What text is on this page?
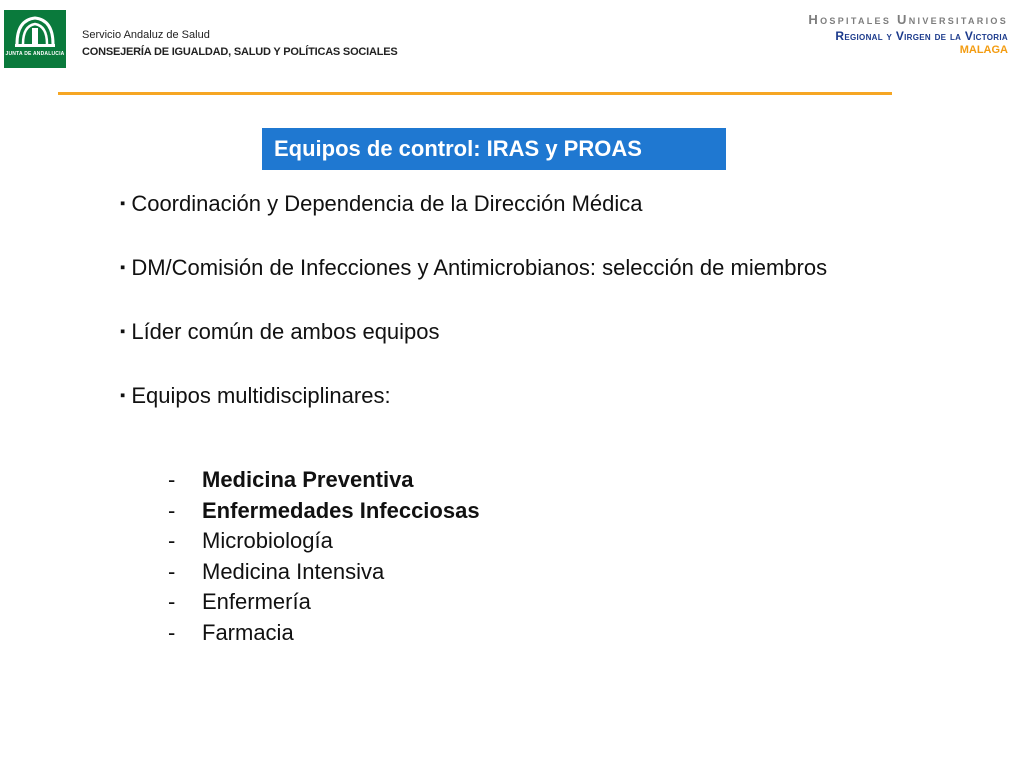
JUNTA DE ANDALUCIA
Servicio Andaluz de Salud
CONSEJERÍA DE IGUALDAD, SALUD Y POLÍTICAS SOCIALES
Hospitales Universitarios
Regional y Virgen de la Victoria
MALAGA
Equipos de control: IRAS y PROAS

▪ Coordinación y Dependencia de la Dirección Médica

▪ DM/Comisión de Infecciones y Antimicrobianos: selección de miembros

▪ Líder común de ambos equipos

▪ Equipos multidisciplinares:

-	Medicina Preventiva
-	Enfermedades Infecciosas
-	Microbiología
-	Medicina Intensiva
-	Enfermería
-	Farmacia
